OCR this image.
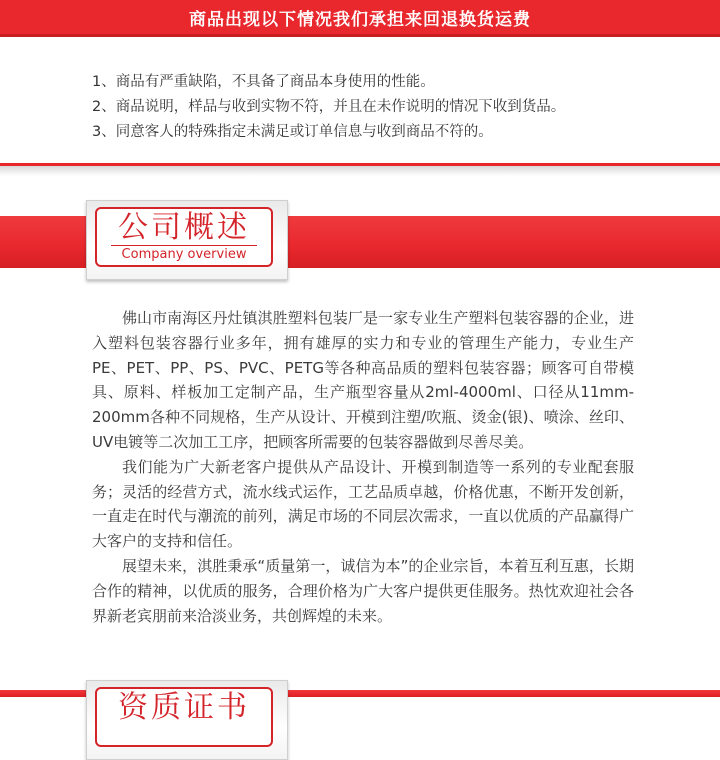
商品出现以下情况我们承担来回退换货运费
1、商品有严重缺陷，不具备了商品本身使用的性能。
2、商品说明，样品与收到实物不符，并且在未作说明的情况下收到货品。
3、同意客人的特殊指定未满足或订单信息与收到商品不符的。
公司概述
Company overview

佛山市南海区丹灶镇淇胜塑料包装厂是一家专业生产塑料包装容器的企业，进入塑料包装容器行业多年，拥有雄厚的实力和专业的管理生产能力，专业生产PE、PET、PP、PS、PVC、PETG等各种高品质的塑料包装容器；顾客可自带模具、原料、样板加工定制产品，生产瓶型容量从2ml-4000ml、口径从11mm-200mm各种不同规格，生产从设计、开模到注塑/吹瓶、烫金(银)、喷涂、丝印、UV电镀等二次加工工序，把顾客所需要的包装容器做到尽善尽美。

我们能为广大新老客户提供从产品设计、开模到制造等一系列的专业配套服务；灵活的经营方式，流水线式运作，工艺品质卓越，价格优惠，不断开发创新，一直走在时代与潮流的前列，满足市场的不同层次需求，一直以优质的产品赢得广大客户的支持和信任。

展望未来，淇胜秉承“质量第一，诚信为本”的企业宗旨，本着互利互惠，长期合作的精神，以优质的服务，合理价格为广大客户提供更佳服务。热忱欢迎社会各界新老宾朋前来洽淡业务，共创辉煌的未来。

资质证书
